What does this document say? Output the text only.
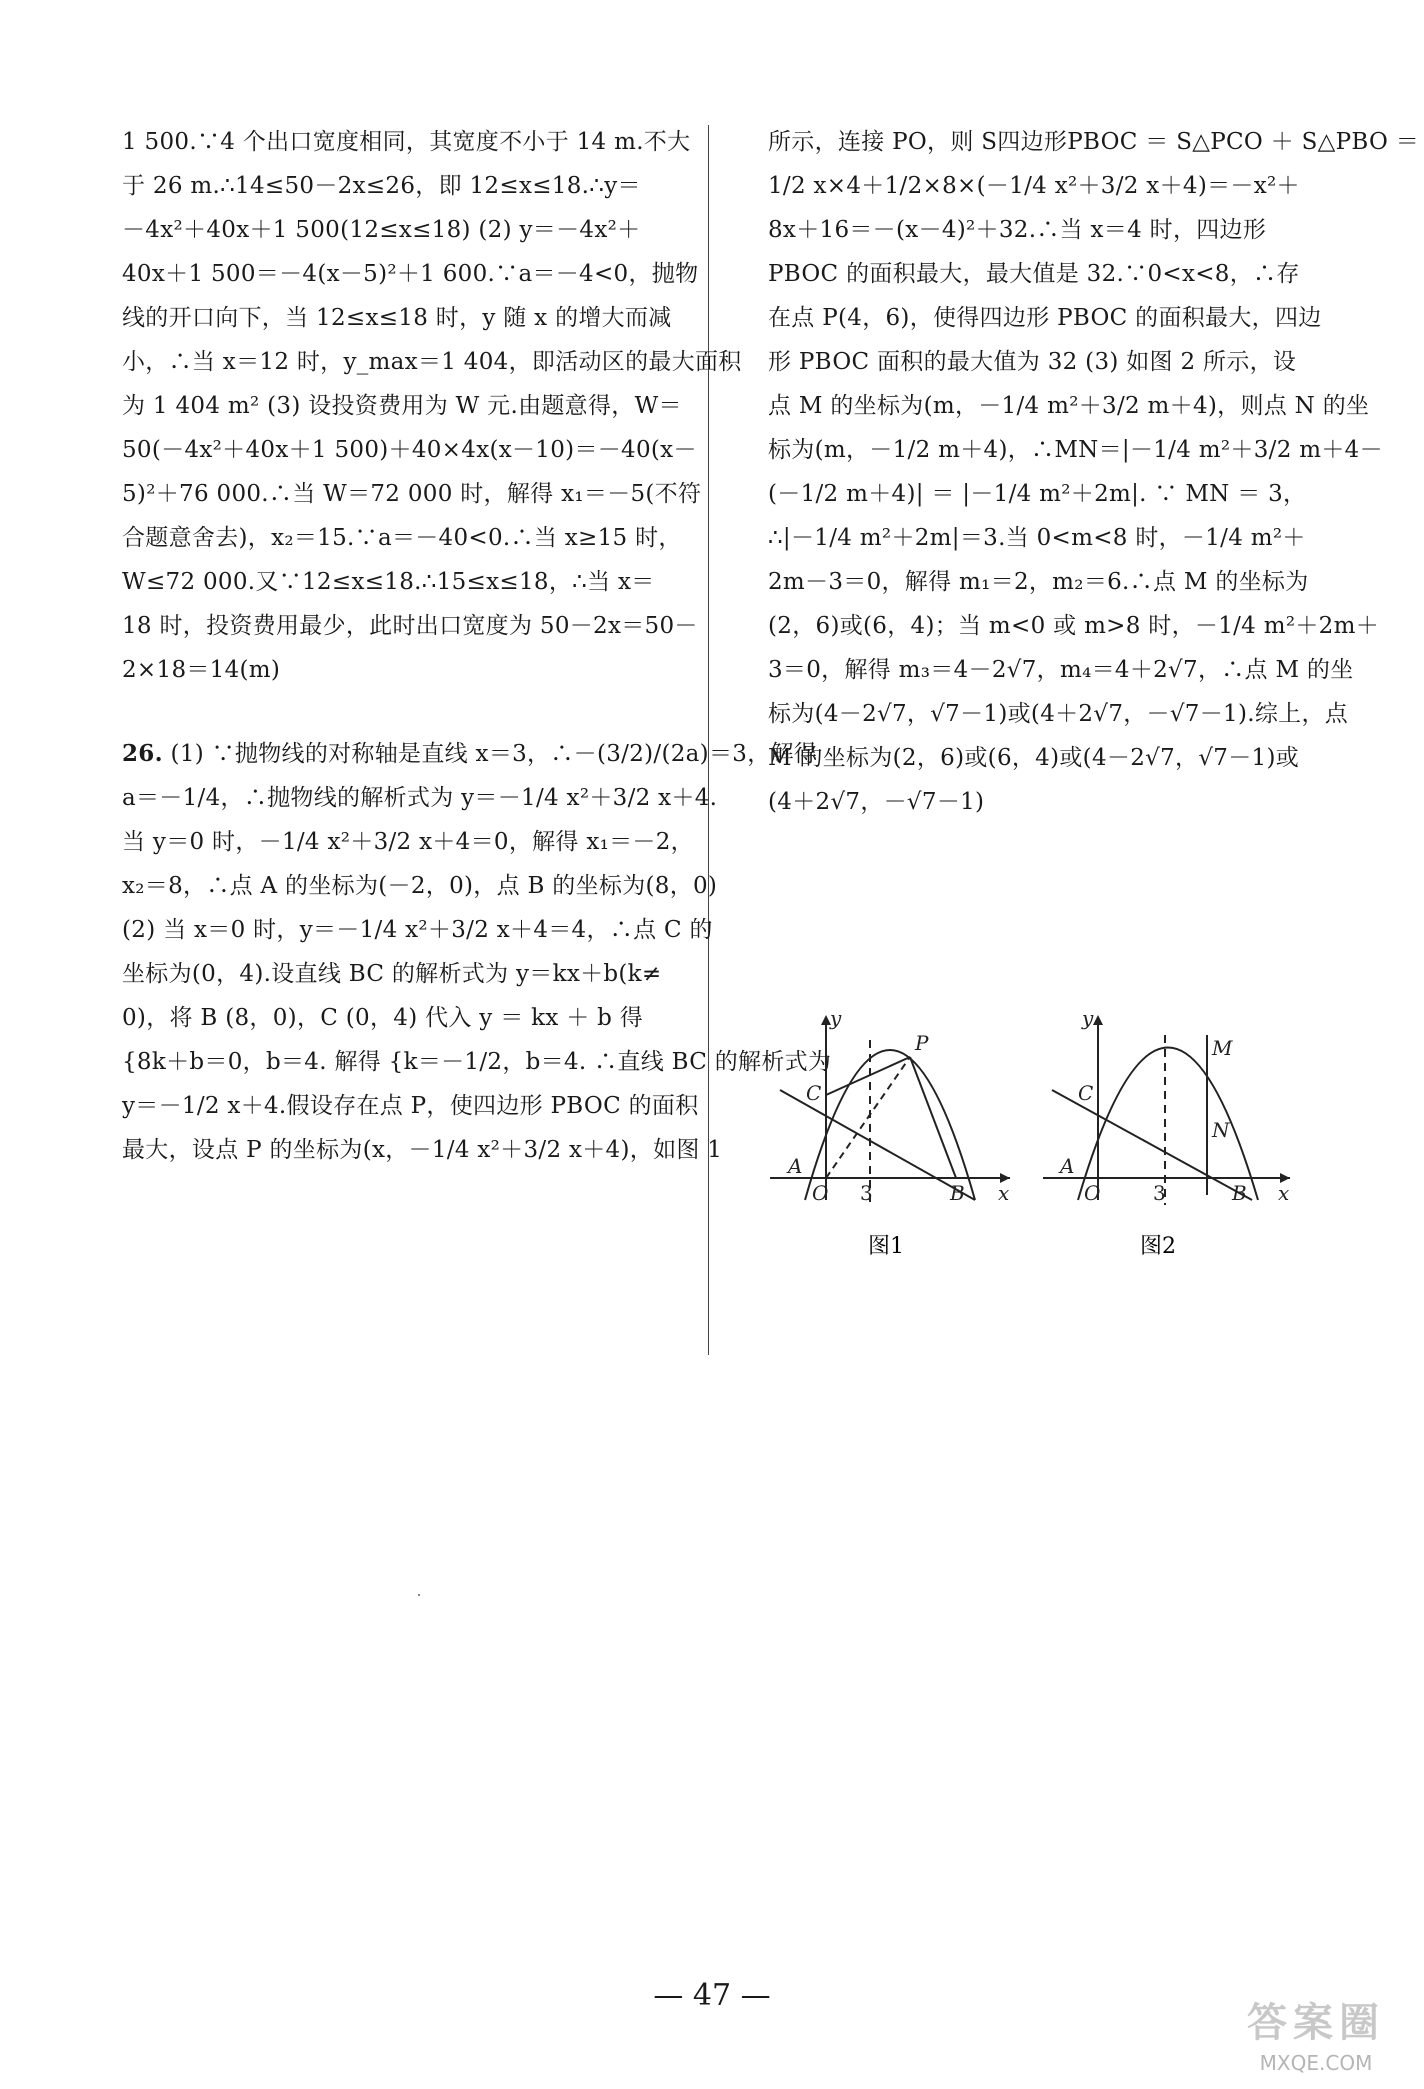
1 500.∵4 个出口宽度相同，其宽度不小于 14 m.不大
于 26 m.∴14≤50－2x≤26，即 12≤x≤18.∴y＝
－4x²＋40x＋1 500(12≤x≤18) (2) y＝－4x²＋
40x＋1 500＝－4(x－5)²＋1 600.∵a＝－4<0，抛物
线的开口向下，当 12≤x≤18 时，y 随 x 的增大而减
小，∴当 x＝12 时，y_max＝1 404，即活动区的最大面积
为 1 404 m² (3) 设投资费用为 W 元.由题意得，W＝
50(－4x²＋40x＋1 500)＋40×4x(x－10)＝－40(x－
5)²＋76 000.∴当 W＝72 000 时，解得 x₁＝－5(不符
合题意舍去)，x₂＝15.∵a＝－40<0.∴当 x≥15 时，
W≤72 000.又∵12≤x≤18.∴15≤x≤18，∴当 x＝
18 时，投资费用最少，此时出口宽度为 50－2x＝50－
2×18＝14(m)
26. (1) ∵抛物线的对称轴是直线 x＝3，∴－(3/2)/(2a)＝3，解得
a＝－1/4，∴抛物线的解析式为 y＝－1/4 x²＋3/2 x＋4.
当 y＝0 时，－1/4 x²＋3/2 x＋4＝0，解得 x₁＝－2，
x₂＝8，∴点 A 的坐标为(－2，0)，点 B 的坐标为(8，0)
(2) 当 x＝0 时，y＝－1/4 x²＋3/2 x＋4＝4，∴点 C 的
坐标为(0，4).设直线 BC 的解析式为 y＝kx＋b(k≠
0)，将 B (8，0)，C (0，4) 代入 y ＝ kx ＋ b 得
{8k＋b＝0，b＝4. 解得 {k＝－1/2，b＝4. ∴直线 BC 的解析式为
y＝－1/2 x＋4.假设存在点 P，使四边形 PBOC 的面积
最大，设点 P 的坐标为(x，－1/4 x²＋3/2 x＋4)，如图 1
所示，连接 PO，则 S四边形PBOC ＝ S△PCO ＋ S△PBO ＝
1/2 x×4＋1/2×8×(－1/4 x²＋3/2 x＋4)＝－x²＋
8x＋16＝－(x－4)²＋32.∴当 x＝4 时，四边形
PBOC 的面积最大，最大值是 32.∵0<x<8，∴存
在点 P(4，6)，使得四边形 PBOC 的面积最大，四边
形 PBOC 面积的最大值为 32 (3) 如图 2 所示，设
点 M 的坐标为(m，－1/4 m²＋3/2 m＋4)，则点 N 的坐
标为(m，－1/2 m＋4)，∴MN＝|－1/4 m²＋3/2 m＋4－
(－1/2 m＋4)| ＝ |－1/4 m²＋2m|. ∵ MN ＝ 3，
∴|－1/4 m²＋2m|＝3.当 0<m<8 时，－1/4 m²＋
2m－3＝0，解得 m₁＝2，m₂＝6.∴点 M 的坐标为
(2，6)或(6，4)；当 m<0 或 m>8 时，－1/4 m²＋2m＋
3＝0，解得 m₃＝4－2√7，m₄＝4＋2√7，∴点 M 的坐
标为(4－2√7，√7－1)或(4＋2√7，－√7－1).综上，点
M 的坐标为(2，6)或(6，4)或(4－2√7，√7－1)或
(4＋2√7，－√7－1)
y
x
O
A
B
C
P
3
图1
y
x
O
A
B
C
M
N
3
图2
— 47 —
答案圈
MXQE.COM
